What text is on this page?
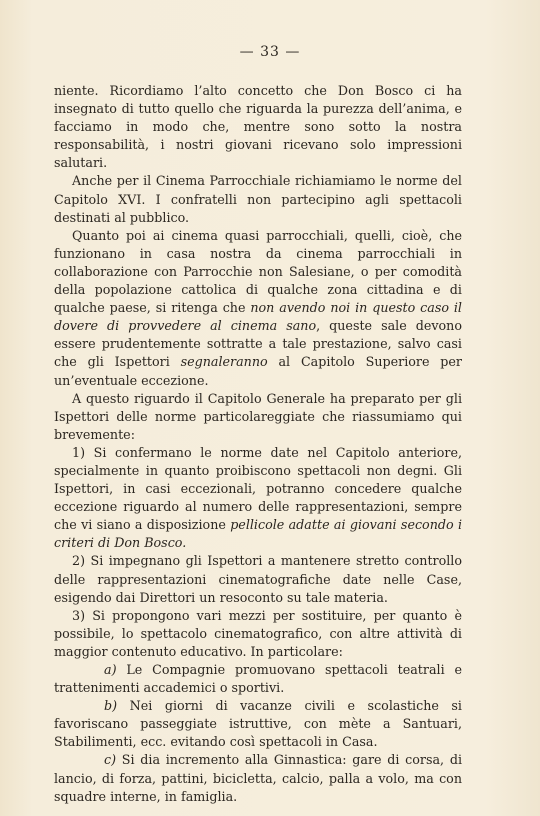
— 33 —

niente. Ricordiamo l’alto concetto che Don Bosco ci ha insegnato di tutto quello che riguarda la purezza dell’anima, e facciamo in modo che, mentre sono sotto la nostra responsabilità, i nostri giovani ricevano solo impressioni salutari.

Anche per il Cinema Parrocchiale richiamiamo le norme del Capitolo XVI. I confratelli non partecipino agli spettacoli destinati al pubblico.

Quanto poi ai cinema quasi parrocchiali, quelli, cioè, che funzionano in casa nostra da cinema parrocchiali in collaborazione con Parrocchie non Salesiane, o per comodità della popolazione cattolica di qualche zona cittadina e di qualche paese, si ritenga che non avendo noi in questo caso il dovere di provvedere al cinema sano, queste sale devono essere prudentemente sottratte a tale prestazione, salvo casi che gli Ispettori segnaleranno al Capitolo Superiore per un’eventuale eccezione.

A questo riguardo il Capitolo Generale ha preparato per gli Ispettori delle norme particolareggiate che riassumiamo qui brevemente:

1) Si confermano le norme date nel Capitolo anteriore, specialmente in quanto proibiscono spettacoli non degni. Gli Ispettori, in casi eccezionali, potranno concedere qualche eccezione riguardo al numero delle rappresentazioni, sempre che vi siano a disposizione pellicole adatte ai giovani secondo i criteri di Don Bosco.

2) Si impegnano gli Ispettori a mantenere stretto controllo delle rappresentazioni cinematografiche date nelle Case, esigendo dai Direttori un resoconto su tale materia.

3) Si propongono vari mezzi per sostituire, per quanto è possibile, lo spettacolo cinematografico, con altre attività di maggior contenuto educativo. In particolare:

a) Le Compagnie promuovano spettacoli teatrali e trattenimenti accademici o sportivi.

b) Nei giorni di vacanze civili e scolastiche si favoriscano passeggiate istruttive, con mète a Santuari, Stabilimenti, ecc. evitando così spettacoli in Casa.

c) Si dia incremento alla Ginnastica: gare di corsa, di lancio, di forza, pattini, bicicletta, calcio, palla a volo, ma con squadre interne, in famiglia.
